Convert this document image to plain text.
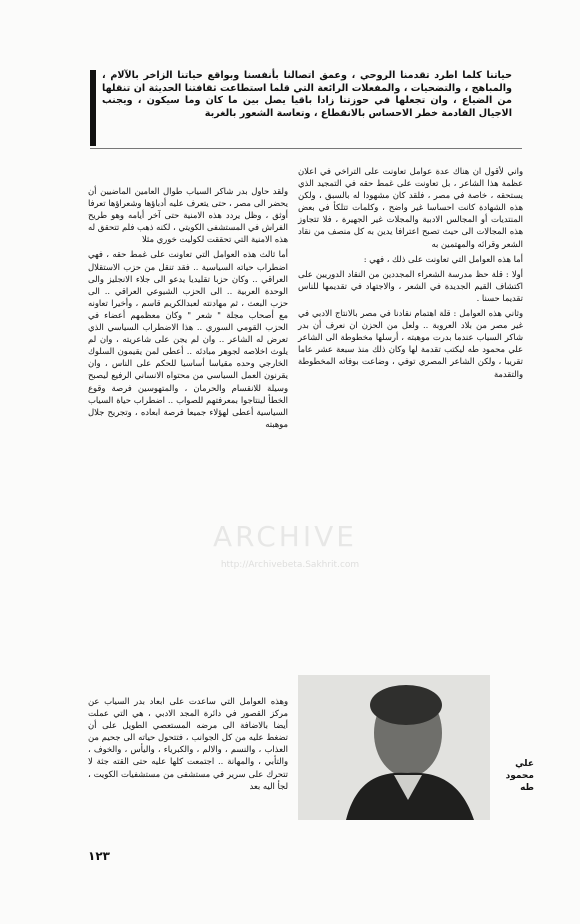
حياتنا كلما اطرد تقدمنا الروحي ، وعمق اتصالنا بأنفسنا وبواقع حياتنا الزاخر بالآلام ، والمباهج ، والتضحيات ، والمفعلات الرائعة التي قلما استطاعت ثقافتنا الحديثة ان تنقلها من الضياع ، وان تجعلها في حوزتنا زادا باقيا يصل بين ما كان وما سيكون ، ويجنب الاجيال القادمة خطر الاحساس بالانقطاع ، وتعاسة الشعور بالغربة

واني لأقول ان هناك عدة عوامل تعاونت على التراخي في اعلان عظمة هذا الشاعر ، بل تعاونت على غمط حقه في التمجيد الذي يستحقه ، خاصة في مصر ، فلقد كان مشهودا له بالسبق ، ولكن هذه الشهادة كانت احساسا غير واضح ، وكلمات تتلكأ في بعض المنتديات أو المجالس الادبية والمجلات غير الجهيرة ، فلا تتجاوز هذه المجالات الى حيث تصبح اعترافا يدين به كل منصف من نقاد الشعر وقرائه والمهتمين به

أما هذه العوامل التي تعاونت على ذلك ، فهي :

أولا : قلة حظ مدرسة الشعراء المجددين من النقاد الدوريين على اكتشاف القيم الجديدة في الشعر ، والاجتهاد في تقديمها للناس تقديما حسنا .

وثاني هذه العوامل : قلة اهتمام نقادنا في مصر بالانتاج الادبي في غير مصر من بلاد العروبة .. ولعل من الحزن ان نعرف أن بدر شاكر السياب عندما بدرت موهبته ، أرسلها مخطوطة الى الشاعر علي محمود طه ليكتب تقدمة لها وكان ذلك منذ سبعة عشر عاما تقريبا ، ولكن الشاعر المصري توفي ، وضاعت بوفاته المخطوطة والتقدمة

ولقد حاول بدر شاكر السياب طوال العامين الماضيين أن يحضر الى مصر ، حتى يتعرف عليه أدباؤها وشعراؤها تعرفا أوثق ، وظل يردد هذه الامنية حتى آخر أيامه وهو طريح الفراش في المستشفى الكويتي ، لكنه ذهب فلم تتحقق له هذه الامنية التي تحققت لكوليت خوري مثلا

أما ثالث هذه العوامل التي تعاونت على غمط حقه ، فهي اضطراب حياته السياسية .. فقد تنقل من حزب الاستقلال العراقي .. وكان حزبا تقليديا يدعو الى جلاء الانجليز والى الوحدة العربية .. الى الحزب الشيوعي العراقي .. الى حزب البعث ، ثم مهادنته لعبدالكريم قاسم ، وأخيرا تعاونه مع أصحاب مجلة " شعر " وكان معظمهم أعضاء في الحزب القومي السوري .. هذا الاضطراب السياسي الذي تعرض له الشاعر .. وان لم يجن على شاعريته ، وان لم يلوث اخلاصه لجوهر مبادئه .. أعطى لمن يقيمون السلوك الخارجي وحده مقياسا أساسيا للحكم على الناس ، وان يقرنون العمل السياسي من محتواه الانساني الرفيع ليصبح وسيلة للانقسام والحرمان ، والمتهوسين فرصة وقوع الخطأ لينتاجوا بمعرفتهم للصواب .. اضطراب حياة السياب السياسية أعطى لهؤلاء جميعا فرصة ابعاده ، وتجريح جلال موهبته

وهذه العوامل التي ساعدت على ابعاد بدر السياب عن مركز القصور في دائرة المجد الادبي ، هي التي عملت أيضا بالاضافة الى مرضه المستعصي الطويل على أن تضغط عليه من كل الجوانب ، فتتحول حياته الى جحيم من العذاب ، والنسم ، والالم ، والكبرياء ، واليأس ، والخوف ، والتأبي ، والمهانة .. اجتمعت كلها عليه حتى القته جثة لا تتحرك على سرير في مستشفى من مستشفيات الكويت ، لجأ اليه بعد

علي
محمود
طه
١٢٣
ARCHIVE
http://Archivebeta.Sakhrit.com
